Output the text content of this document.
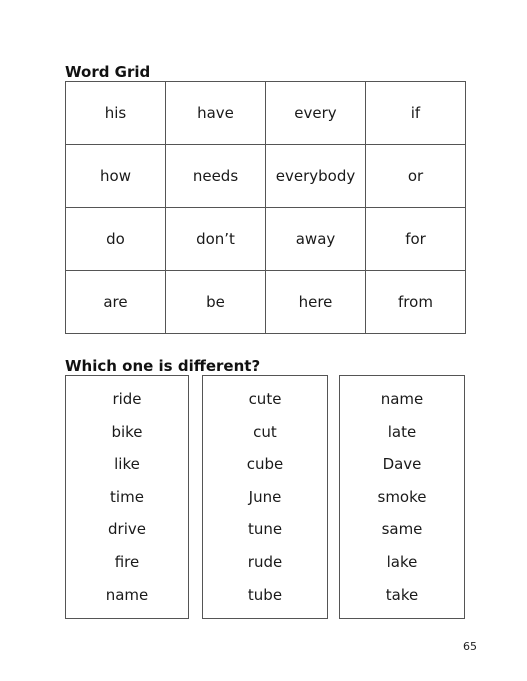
Word Grid
his	have	every	if
how	needs	everybody	or
do	don’t	away	for
are	be	here	from
Which one is different?
ride
bike
like
time
drive
fire
name
cute
cut
cube
June
tune
rude
tube
name
late
Dave
smoke
same
lake
take
65
